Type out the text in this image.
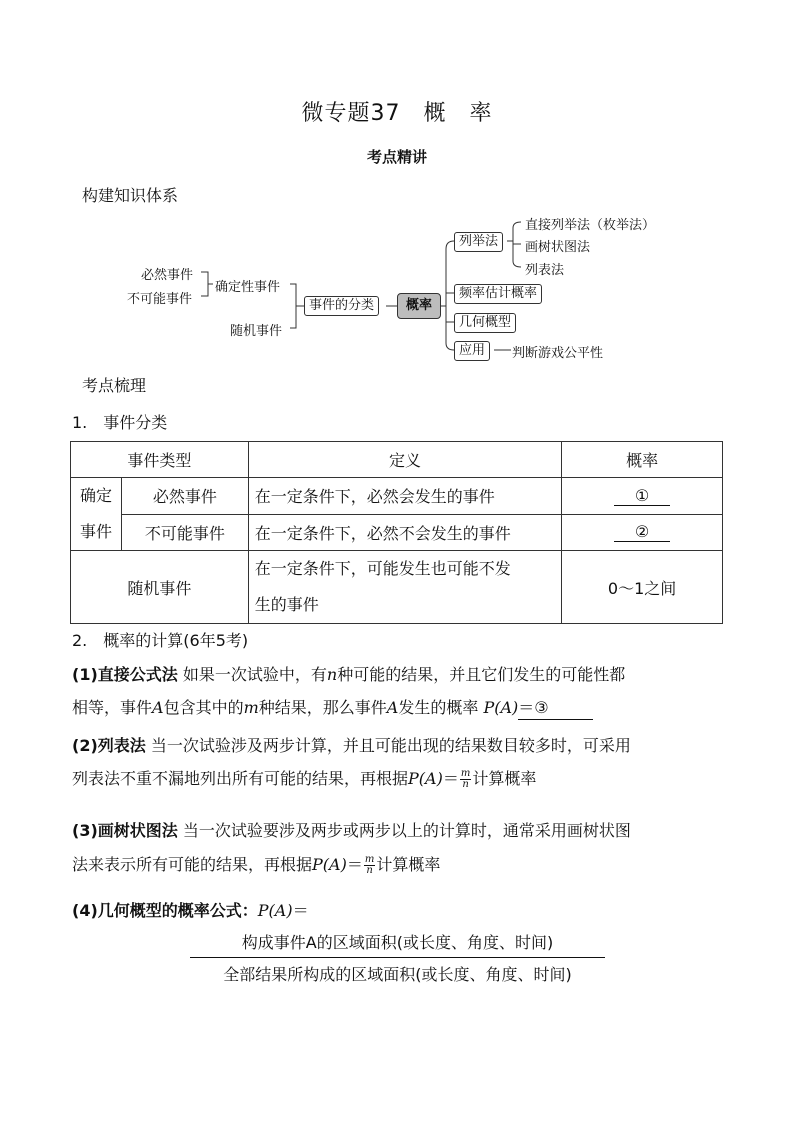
微专题37　概　率
考点精讲
构建知识体系
必然事件
不可能事件
确定性事件
随机事件
事件的分类	概率
列举法
直接列举法（枚举法）
画树状图法
列表法
频率估计概率
几何概型
应用	判断游戏公平性
考点梳理
1.　事件分类
事件类型		定义	概率
确定
事件	必然事件	在一定条件下，必然会发生的事件	①
	不可能事件	在一定条件下，必然不会发生的事件	②
随机事件		在一定条件下，可能发生也可能不发
生的事件	0～1之间
2.　概率的计算(6年5考)
(1)直接公式法 如果一次试验中，有n种可能的结果，并且它们发生的可能性都
相等，事件A包含其中的m种结果，那么事件A发生的概率 P(A)＝③
(2)列表法 当一次试验涉及两步计算，并且可能出现的结果数目较多时，可采用
列表法不重不漏地列出所有可能的结果，再根据$P(A)= \frac{m}{n}$ 计算概率
(3)画树状图法 当一次试验要涉及两步或两步以上的计算时，通常采用画树状图
法来表示所有可能的结果，再根据$P(A)= \frac{m}{n}$ 计算概率
(4)几何概型的概率公式：P(A)＝
构成事件A的区域面积(或长度、角度、时间)
全部结果所构成的区域面积(或长度、角度、时间)
